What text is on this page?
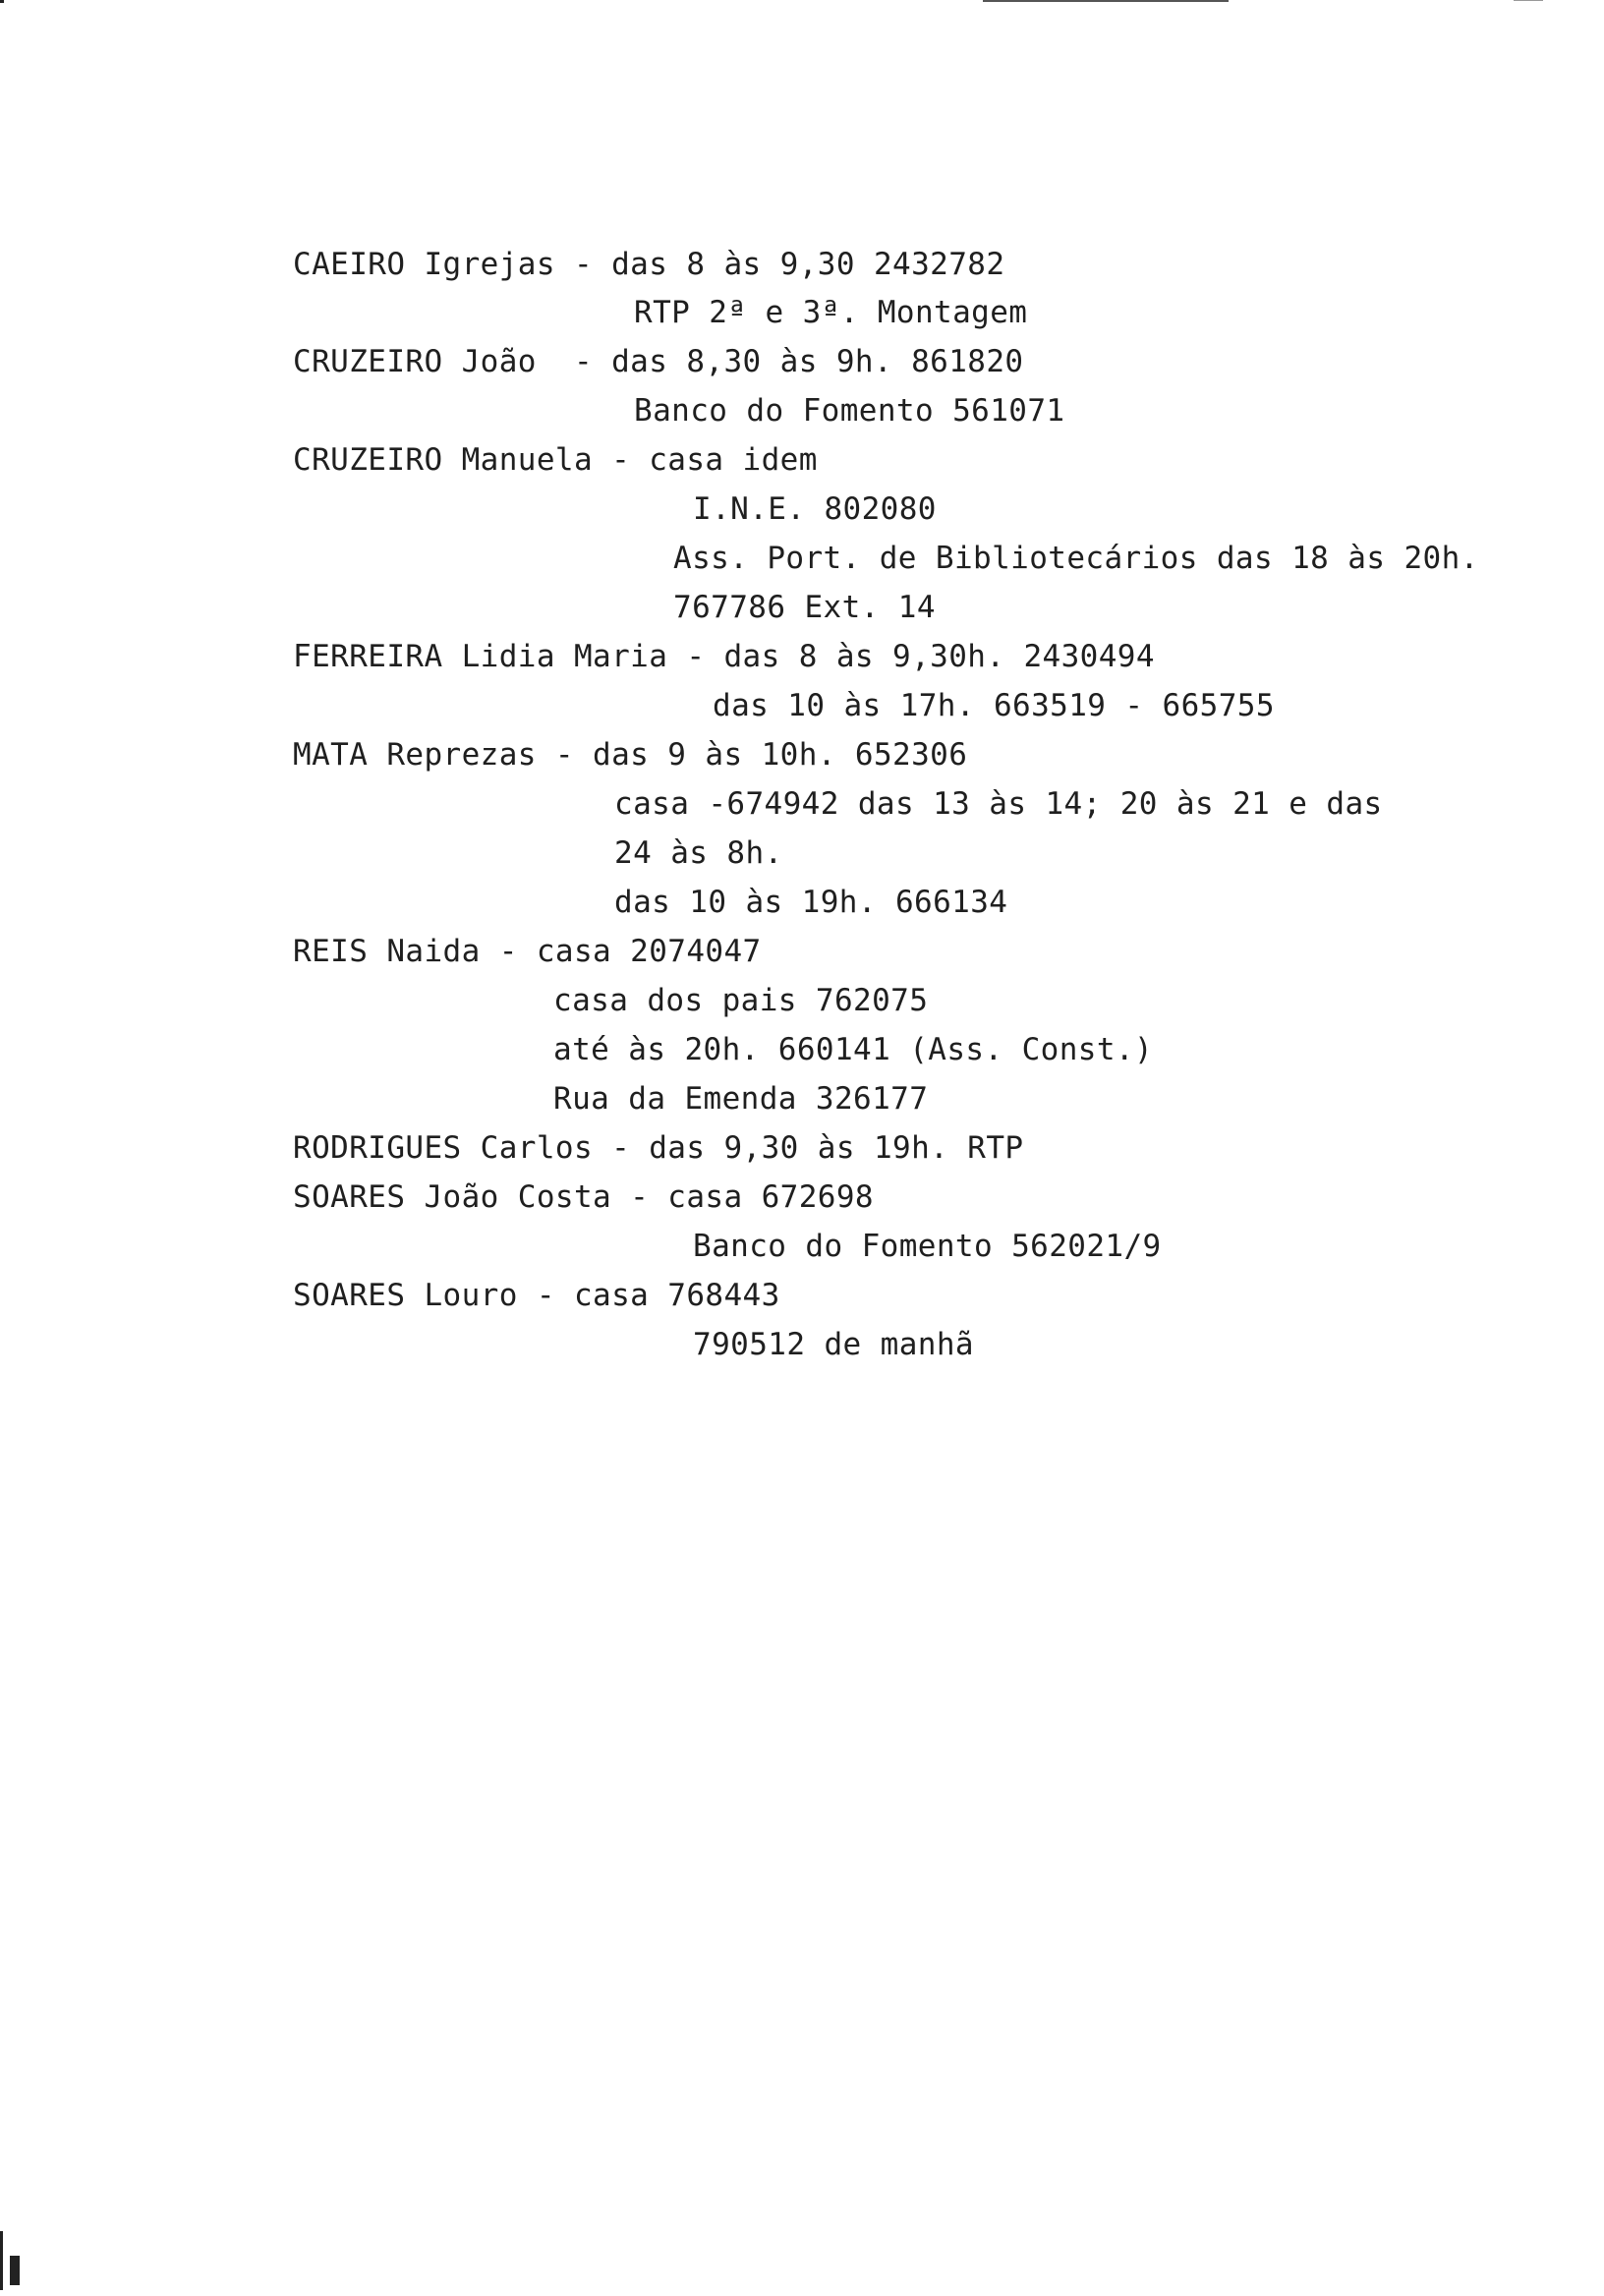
CAEIRO Igrejas - das 8 às 9,30 2432782
RTP 2ª e 3ª. Montagem
CRUZEIRO João  - das 8,30 às 9h. 861820
Banco do Fomento 561071
CRUZEIRO Manuela - casa idem
I.N.E. 802080
Ass. Port. de Bibliotecários das 18 às 20h.
767786 Ext. 14
FERREIRA Lidia Maria - das 8 às 9,30h. 2430494
das 10 às 17h. 663519 - 665755
MATA Reprezas - das 9 às 10h. 652306
casa -674942 das 13 às 14; 20 às 21 e das
24 às 8h.
das 10 às 19h. 666134
REIS Naida - casa 2074047
casa dos pais 762075
até às 20h. 660141 (Ass. Const.)
Rua da Emenda 326177
RODRIGUES Carlos - das 9,30 às 19h. RTP
SOARES João Costa - casa 672698
Banco do Fomento 562021/9
SOARES Louro - casa 768443
790512 de manhã
